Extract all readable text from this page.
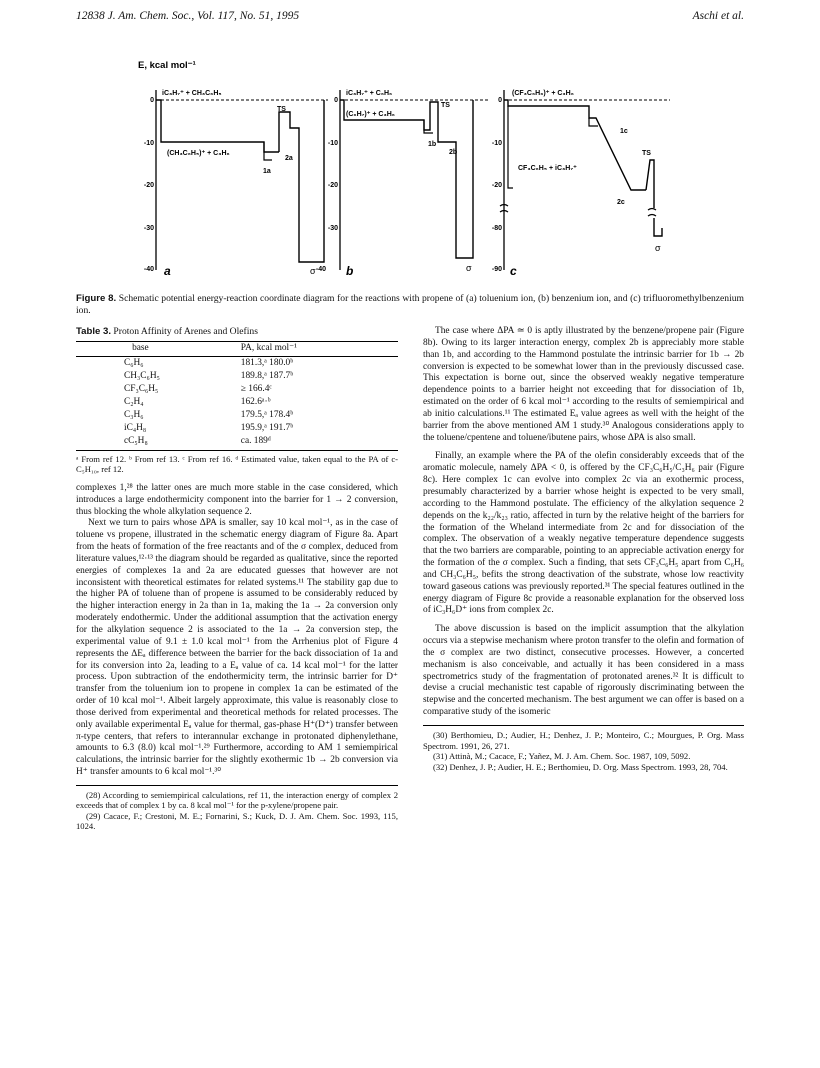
12838 J. Am. Chem. Soc., Vol. 117, No. 51, 1995	Aschi et al.
E, kcal mol⁻¹
0
-10
-20
-30
-40
iC₃H₇⁺ + CH₃C₆H₅
(CH₃C₆H₅)⁺ + C₃H₆
1a
2a
TS
σ
a
0
-10
-20
-30
-40
iC₃H₇⁺ + C₆H₆
(C₆H₇)⁺ + C₃H₆
1b
2b
TS
σ
b
0
-10
-20
-80
-90
(CF₃C₆H₆)⁺ + C₃H₆
CF₃C₆H₅ + iC₃H₇⁺
1c
2c
TS
σ
c
Figure 8. Schematic potential energy-reaction coordinate diagram for the reactions with propene of (a) toluenium ion, (b) benzenium ion, and (c) trifluoromethylbenzenium ion.
Table 3. Proton Affinity of Arenes and Olefins
base	PA, kcal mol⁻¹
C₆H₆	181.3,ᵃ 180.0ᵇ
CH₃C₆H₅	189.8,ᵃ 187.7ᵇ
CF₃C₆H₅	≥ 166.4ᶜ
C₂H₄	162.6ᵃ·ᵇ
C₃H₆	179.5,ᵃ 178.4ᵇ
iC₄H₈	195.9,ᵃ 191.7ᵇ
cC₅H₈	ca. 189ᵈ
ᵃ From ref 12. ᵇ From ref 13. ᶜ From ref 16. ᵈ Estimated value, taken equal to the PA of c-C₅H₁₀, ref 12.

complexes 1,²⁸ the latter ones are much more stable in the case considered, which introduces a large endothermicity component into the barrier for 1 → 2 conversion, thus blocking the whole alkylation sequence 2.

Next we turn to pairs whose ΔPA is smaller, say 10 kcal mol⁻¹, as in the case of toluene vs propene, illustrated in the schematic energy diagram of Figure 8a. Apart from the heats of formation of the free reactants and of the σ complex, deduced from literature values,¹²·¹³ the diagram should be regarded as qualitative, since the reported energies of complexes 1a and 2a are educated guesses that however are not inconsistent with theoretical estimates for related systems.¹¹ The stability gap due to the higher PA of toluene than of propene is assumed to be considerably reduced by the higher interaction energy in 2a than in 1a, making the 1a → 2a conversion only moderately endothermic. Under the additional assumption that the activation energy for the alkylation sequence 2 is associated to the 1a → 2a conversion step, the experimental value of 9.1 ± 1.0 kcal mol⁻¹ from the Arrhenius plot of Figure 4 represents the ΔEₐ difference between the barrier for the back dissociation of 1a and for its conversion into 2a, leading to a Eₐ value of ca. 14 kcal mol⁻¹ for the latter process. Upon subtraction of the endothermicity term, the intrinsic barrier for D⁺ transfer from the toluenium ion to propene in complex 1a can be estimated of the order of 10 kcal mol⁻¹. Albeit largely approximate, this value is reasonably close to those derived from experimental and theoretical methods for related processes. The only available experimental Eₐ value for thermal, gas-phase H⁺(D⁺) transfer between π-type centers, that refers to interannular exchange in protonated diphenylethane, amounts to 6.3 (8.0) kcal mol⁻¹.²⁹ Furthermore, according to AM 1 semiempirical calculations, the intrinsic barrier for the slightly exothermic 1b → 2b conversion via H⁺ transfer amounts to 6 kcal mol⁻¹.³⁰

(28) According to semiempirical calculations, ref 11, the interaction energy of complex 2 exceeds that of complex 1 by ca. 8 kcal mol⁻¹ for the p-xylene/propene pair.

(29) Cacace, F.; Crestoni, M. E.; Fornarini, S.; Kuck, D. J. Am. Chem. Soc. 1993, 115, 1024.

The case where ΔPA ≃ 0 is aptly illustrated by the benzene/propene pair (Figure 8b). Owing to its larger interaction energy, complex 2b is appreciably more stable than 1b, and according to the Hammond postulate the intrinsic barrier for 1b → 2b conversion is expected to be somewhat lower than in the previously discussed case. This expectation is borne out, since the observed weakly negative temperature dependence points to a barrier height not exceeding that for dissociation of 1b, estimated on the order of 6 kcal mol⁻¹ according to the results of semiempirical and ab initio calculations.¹¹ The estimated Eₐ value agrees as well with the height of the barrier from the above mentioned AM 1 study.³⁰ Analogous considerations apply to the toluene/cpentene and toluene/ibutene pairs, whose ΔPA is also small.

Finally, an example where the PA of the olefin considerably exceeds that of the aromatic molecule, namely ΔPA < 0, is offered by the CF₃C₆H₅/C₃H₆ pair (Figure 8c). Here complex 1c can evolve into complex 2c via an exothermic process, presumably characterized by a barrier whose height is expected to be very small, according to the Hammond postulate. The efficiency of the alkylation sequence 2 depends on the k₂₂/k₂₃ ratio, affected in turn by the relative height of the barriers for the formation of the Wheland intermediate from 2c and for dissociation of the complex. The observation of a weakly negative temperature dependence suggests that the two barriers are comparable, pointing to an appreciable activation energy for the formation of the σ complex. Such a finding, that sets CF₃C₆H₅ apart from C₆H₆ and CH₃C₆H₅, befits the strong deactivation of the substrate, whose low reactivity toward gaseous cations was previously reported.³¹ The special features outlined in the energy diagram of Figure 8c provide a reasonable explanation for the observed loss of iC₃H₆D⁺ ions from complex 2c.

The above discussion is based on the implicit assumption that the alkylation occurs via a stepwise mechanism where proton transfer to the olefin and formation of the σ complex are two distinct, consecutive processes. However, a concerted mechanism is also conceivable, and actually it has been considered in a mass spectrometrics study of the fragmentation of protonated arenes.³² It is difficult to devise a crucial mechanistic test capable of rigorously discriminating between the stepwise and the concerted mechanism. The best argument we can offer is based on a comparative study of the isomeric

(30) Berthomieu, D.; Audier, H.; Denhez, J. P.; Monteiro, C.; Mourgues, P. Org. Mass Spectrom. 1991, 26, 271.

(31) Attinà, M.; Cacace, F.; Yañez, M. J. Am. Chem. Soc. 1987, 109, 5092.

(32) Denhez, J. P.; Audier, H. E.; Berthomieu, D. Org. Mass Spectrom. 1993, 28, 704.
